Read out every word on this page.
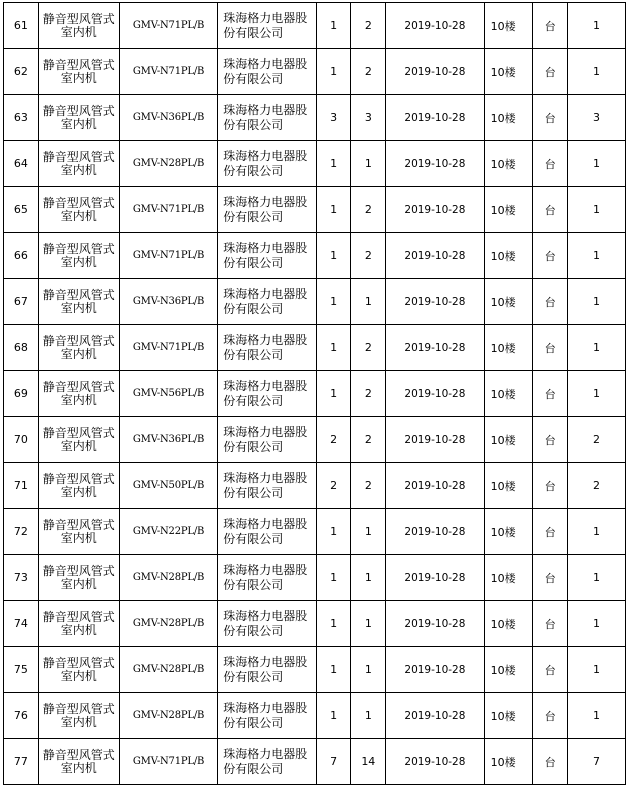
61	静音型风管式室内机	GMV-N71PL/B	珠海格力电器股份有限公司	1	2	2019-10-28	10楼	台	1
62	静音型风管式室内机	GMV-N71PL/B	珠海格力电器股份有限公司	1	2	2019-10-28	10楼	台	1
63	静音型风管式室内机	GMV-N36PL/B	珠海格力电器股份有限公司	3	3	2019-10-28	10楼	台	3
64	静音型风管式室内机	GMV-N28PL/B	珠海格力电器股份有限公司	1	1	2019-10-28	10楼	台	1
65	静音型风管式室内机	GMV-N71PL/B	珠海格力电器股份有限公司	1	2	2019-10-28	10楼	台	1
66	静音型风管式室内机	GMV-N71PL/B	珠海格力电器股份有限公司	1	2	2019-10-28	10楼	台	1
67	静音型风管式室内机	GMV-N36PL/B	珠海格力电器股份有限公司	1	1	2019-10-28	10楼	台	1
68	静音型风管式室内机	GMV-N71PL/B	珠海格力电器股份有限公司	1	2	2019-10-28	10楼	台	1
69	静音型风管式室内机	GMV-N56PL/B	珠海格力电器股份有限公司	1	2	2019-10-28	10楼	台	1
70	静音型风管式室内机	GMV-N36PL/B	珠海格力电器股份有限公司	2	2	2019-10-28	10楼	台	2
71	静音型风管式室内机	GMV-N50PL/B	珠海格力电器股份有限公司	2	2	2019-10-28	10楼	台	2
72	静音型风管式室内机	GMV-N22PL/B	珠海格力电器股份有限公司	1	1	2019-10-28	10楼	台	1
73	静音型风管式室内机	GMV-N28PL/B	珠海格力电器股份有限公司	1	1	2019-10-28	10楼	台	1
74	静音型风管式室内机	GMV-N28PL/B	珠海格力电器股份有限公司	1	1	2019-10-28	10楼	台	1
75	静音型风管式室内机	GMV-N28PL/B	珠海格力电器股份有限公司	1	1	2019-10-28	10楼	台	1
76	静音型风管式室内机	GMV-N28PL/B	珠海格力电器股份有限公司	1	1	2019-10-28	10楼	台	1
77	静音型风管式室内机	GMV-N71PL/B	珠海格力电器股份有限公司	7	14	2019-10-28	10楼	台	7
